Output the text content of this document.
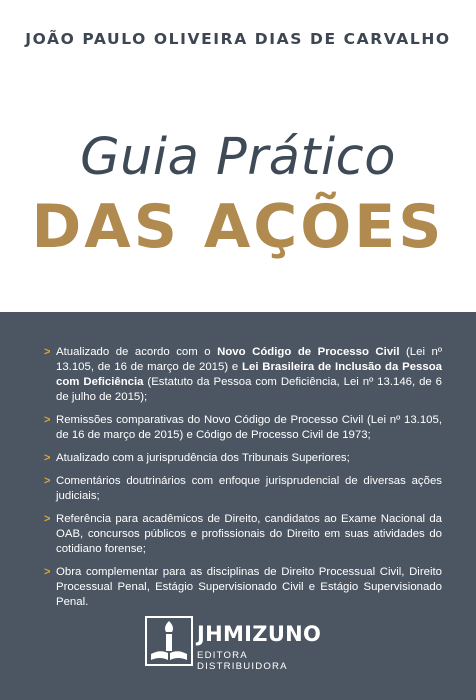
JOÃO PAULO OLIVEIRA DIAS DE CARVALHO
Guia Prático
DAS AÇÕES
> Atualizado de acordo com o Novo Código de Processo Civil (Lei nº 13.105, de 16 de março de 2015) e Lei Brasileira de Inclusão da Pessoa com Deficiência (Estatuto da Pessoa com Deficiência, Lei nº 13.146, de 6 de julho de 2015);
> Remissões comparativas do Novo Código de Processo Civil (Lei nº 13.105, de 16 de março de 2015) e Código de Processo Civil de 1973;
> Atualizado com a jurisprudência dos Tribunais Superiores;
> Comentários doutrinários com enfoque jurisprudencial de diversas ações judiciais;
> Referência para acadêmicos de Direito, candidatos ao Exame Nacional da OAB, concursos públicos e profissionais do Direito em suas atividades do cotidiano forense;
> Obra complementar para as disciplinas de Direito Processual Civil, Direito Processual Penal, Estágio Supervisionado Civil e Estágio Supervisionado Penal.
JHMIZUNO
EDITORA DISTRIBUIDORA
